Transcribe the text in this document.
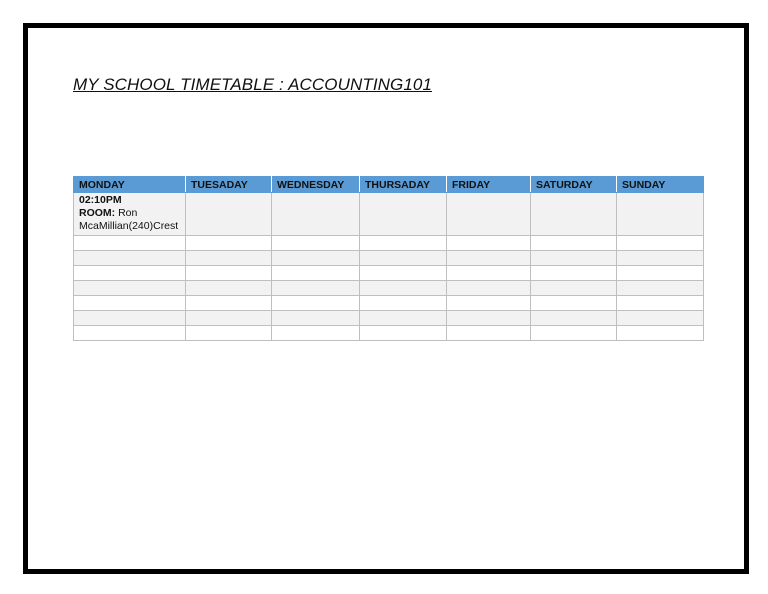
MY SCHOOL TIMETABLE : ACCOUNTING101
MONDAY	TUESADAY	WEDNESDAY	THURSADAY	FRIDAY	SATURDAY	SUNDAY

02:10PM
ROOM: Ron McaMillian(240)Crest						
